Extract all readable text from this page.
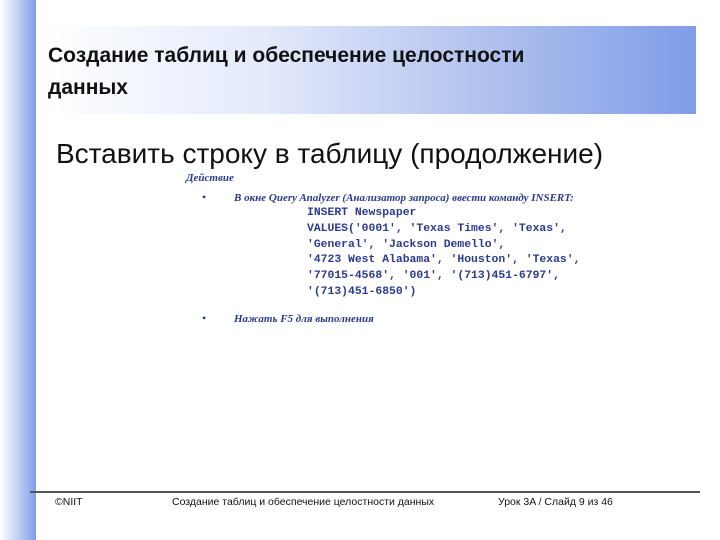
Создание таблиц и обеспечение целостности данных
Вставить строку в таблицу (продолжение)
Действие
•	В окне Query Analyzer (Анализатор запроса) ввести команду INSERT:
INSERT Newspaper
VALUES('0001', 'Texas Times', 'Texas',
'General', 'Jackson Demello',
'4723 West Alabama', 'Houston', 'Texas',
'77015-4568', '001', '(713)451-6797',
'(713)451-6850')
•	Нажать F5 для выполнения
©NIIT	Создание таблиц и обеспечение целостности данных	Урок 3A / Слайд 9 из 46
